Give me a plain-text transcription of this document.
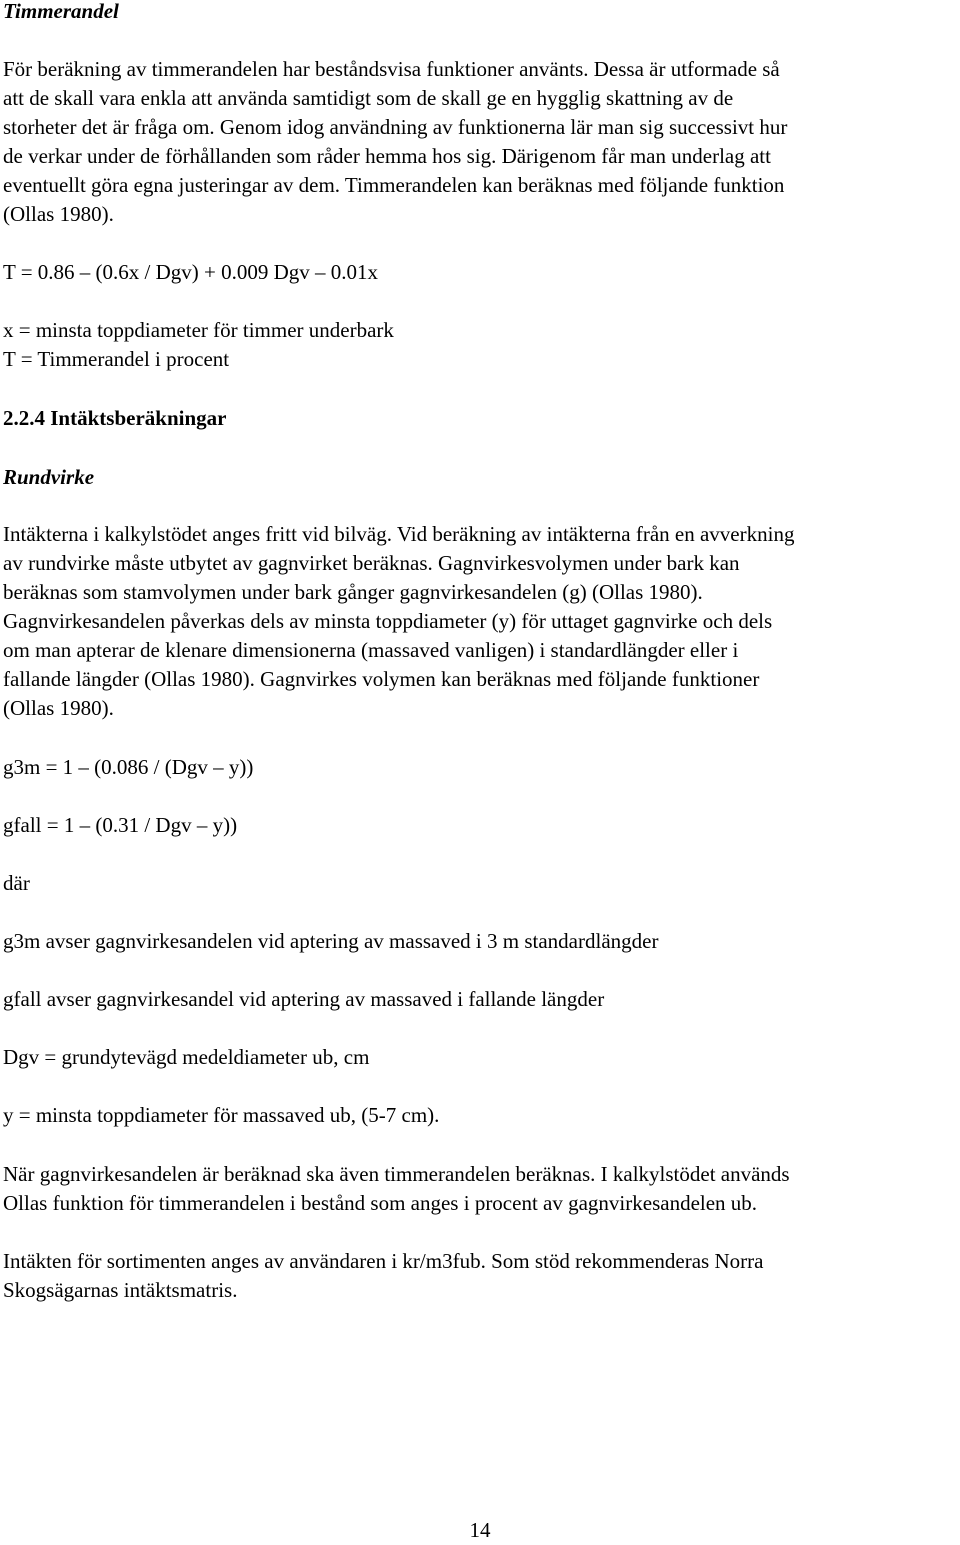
Timmerandel
För beräkning av timmerandelen har beståndsvisa funktioner använts. Dessa är utformade så
att de skall vara enkla att använda samtidigt som de skall ge en hygglig skattning av de
storheter det är fråga om. Genom idog användning av funktionerna lär man sig successivt hur
de verkar under de förhållanden som råder hemma hos sig. Därigenom får man underlag att
eventuellt göra egna justeringar av dem. Timmerandelen kan beräknas med följande funktion
(Ollas 1980).
T = 0.86 – (0.6x / Dgv) + 0.009 Dgv – 0.01x
x = minsta toppdiameter för timmer underbark
T = Timmerandel i procent
2.2.4 Intäktsberäkningar
Rundvirke
Intäkterna i kalkylstödet anges fritt vid bilväg. Vid beräkning av intäkterna från en avverkning
av rundvirke måste utbytet av gagnvirket beräknas. Gagnvirkesvolymen under bark kan
beräknas som stamvolymen under bark gånger gagnvirkesandelen (g) (Ollas 1980).
Gagnvirkesandelen påverkas dels av minsta toppdiameter (y) för uttaget gagnvirke och dels
om man apterar de klenare dimensionerna (massaved vanligen) i standardlängder eller i
fallande längder (Ollas 1980). Gagnvirkes volymen kan beräknas med följande funktioner
(Ollas 1980).
g3m = 1 – (0.086 / (Dgv – y))
gfall = 1 – (0.31 / Dgv – y))
där
g3m avser gagnvirkesandelen vid aptering av massaved i 3 m standardlängder
gfall avser gagnvirkesandel vid aptering av massaved i fallande längder
Dgv = grundytevägd medeldiameter ub, cm
y = minsta toppdiameter för massaved ub, (5-7 cm).
När gagnvirkesandelen är beräknad ska även timmerandelen beräknas. I kalkylstödet används
Ollas funktion för timmerandelen i bestånd som anges i procent av gagnvirkesandelen ub.
Intäkten för sortimenten anges av användaren i kr/m3fub. Som stöd rekommenderas Norra
Skogsägarnas intäktsmatris.
14
